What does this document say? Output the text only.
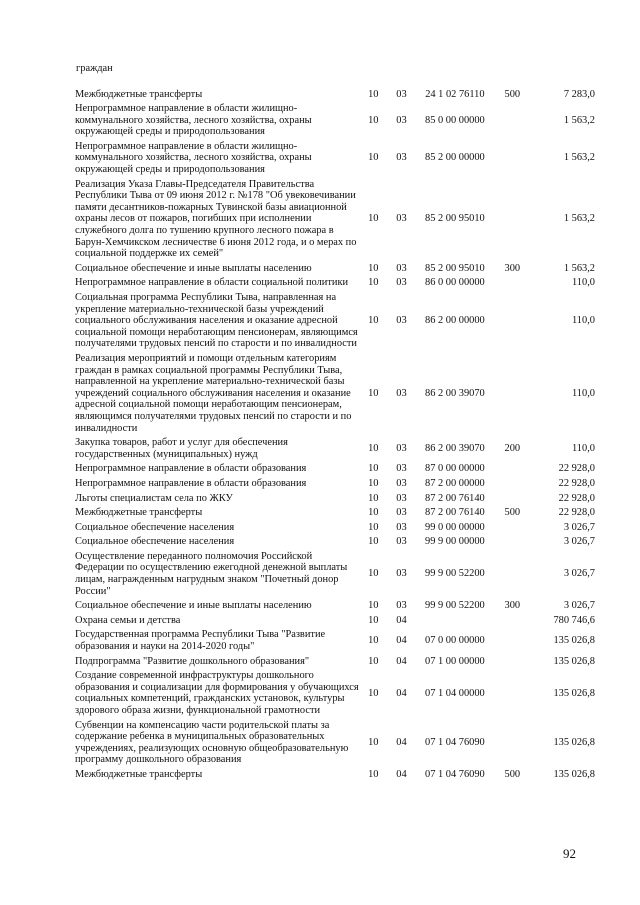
граждан
Межбюджетные трансферты	10	03	24 1 02 76110	500	7 283,0
Непрограммное направление в области жилищно-коммунального хозяйства, лесного хозяйства, охраны окружающей среды и природопользования	10	03	85 0 00 00000		1 563,2
Непрограммное направление в области жилищно-коммунального хозяйства, лесного хозяйства, охраны окружающей среды и природопользования	10	03	85 2 00 00000		1 563,2
Реализация Указа Главы-Председателя Правительства Республики Тыва от 09 июня 2012 г. №178 "Об увековечивании памяти десантников-пожарных Тувинской базы авиационной охраны лесов от пожаров, погибших при исполнении служебного долга по тушению крупного лесного пожара в Барун-Хемчикском лесничестве 6 июня 2012 года, и о мерах по социальной поддержке их семей"	10	03	85 2 00 95010		1 563,2
Социальное обеспечение и иные выплаты населению	10	03	85 2 00 95010	300	1 563,2
Непрограммное направление в области социальной политики	10	03	86 0 00 00000		110,0
Социальная программа Республики Тыва, направленная на укрепление материально-технической базы учреждений социального обслуживания населения и оказание адресной социальной помощи неработающим пенсионерам, являющимся получателями трудовых пенсий по старости и по инвалидности	10	03	86 2 00 00000		110,0
Реализация мероприятий и помощи отдельным категориям граждан в рамках социальной программы Республики Тыва, направленной на укрепление материально-технической базы учреждений социального обслуживания населения и оказание адресной социальной помощи неработающим пенсионерам, являющимся получателями трудовых пенсий по старости и по инвалидности	10	03	86 2 00 39070		110,0
Закупка товаров, работ и услуг для обеспечения государственных (муниципальных) нужд	10	03	86 2 00 39070	200	110,0
Непрограммное направление в области образования	10	03	87 0 00 00000		22 928,0
Непрограммное направление в области образования	10	03	87 2 00 00000		22 928,0
Льготы специалистам села по ЖКУ	10	03	87 2 00 76140		22 928,0
Межбюджетные трансферты	10	03	87 2 00 76140	500	22 928,0
Социальное обеспечение населения	10	03	99 0 00 00000		3 026,7
Социальное обеспечение населения	10	03	99 9 00 00000		3 026,7
Осуществление переданного полномочия Российской Федерации по осуществлению ежегодной денежной выплаты лицам, награжденным нагрудным знаком "Почетный донор России"	10	03	99 9 00 52200		3 026,7
Социальное обеспечение и иные выплаты населению	10	03	99 9 00 52200	300	3 026,7
Охрана семьи и детства	10	04			780 746,6
Государственная программа Республики Тыва "Развитие образования и науки на 2014-2020 годы"	10	04	07 0 00 00000		135 026,8
Подпрограмма "Развитие дошкольного образования"	10	04	07 1 00 00000		135 026,8
Создание современной инфраструктуры дошкольного образования и социализации для формирования у обучающихся социальных компетенций, гражданских установок, культуры здорового образа жизни, функциональной грамотности	10	04	07 1 04 00000		135 026,8
Субвенции на компенсацию части родительской платы за содержание ребенка в муниципальных образовательных учреждениях, реализующих основную общеобразовательную программу дошкольного образования	10	04	07 1 04 76090		135 026,8
Межбюджетные трансферты	10	04	07 1 04 76090	500	135 026,8
92
